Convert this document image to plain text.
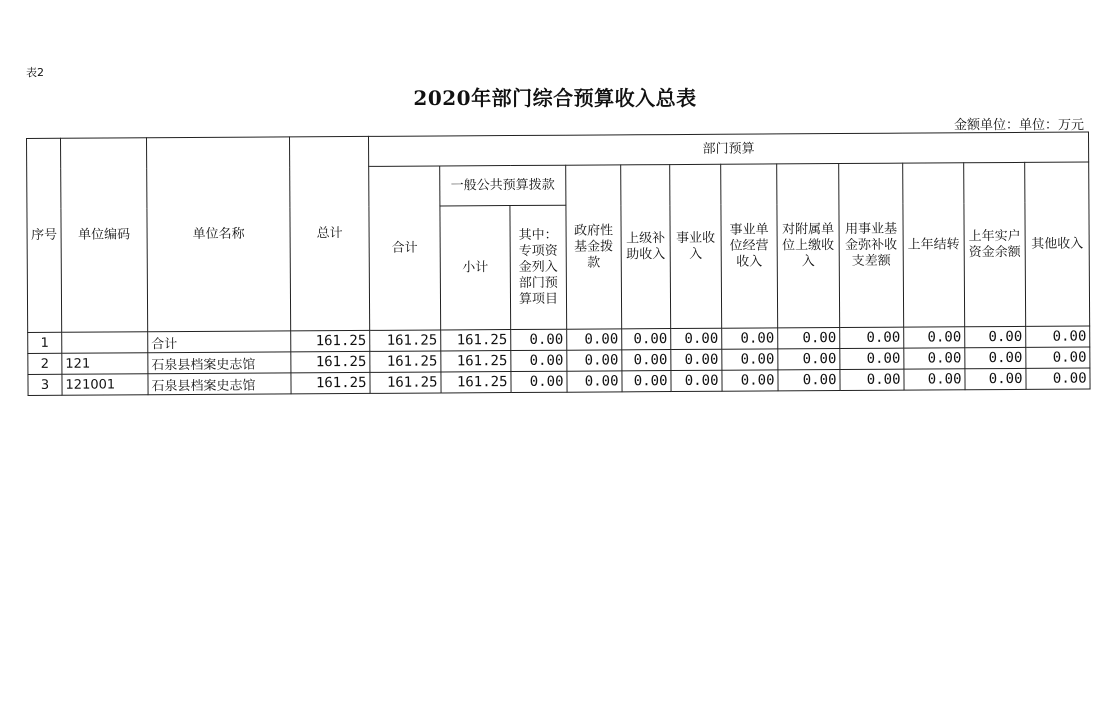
表2
2020年部门综合预算收入总表
金额单位：单位：万元
序号	单位编码	单位名称	总计	部门预算											
				合计	一般公共预算拨款		政府性基金拨款	上级补助收入	事业收入	事业单位经营收入	对附属单位上缴收入	用事业基金弥补收支差额	上年结转	上年实户资金余额	其他收入
					小计	其中：专项资金列入部门预算项目									
1		合计	161.25	161.25	161.25	0.00	0.00	0.00	0.00	0.00	0.00	0.00	0.00	0.00	0.00
2	121	石泉县档案史志馆	161.25	161.25	161.25	0.00	0.00	0.00	0.00	0.00	0.00	0.00	0.00	0.00	0.00
3	121001	石泉县档案史志馆	161.25	161.25	161.25	0.00	0.00	0.00	0.00	0.00	0.00	0.00	0.00	0.00	0.00
